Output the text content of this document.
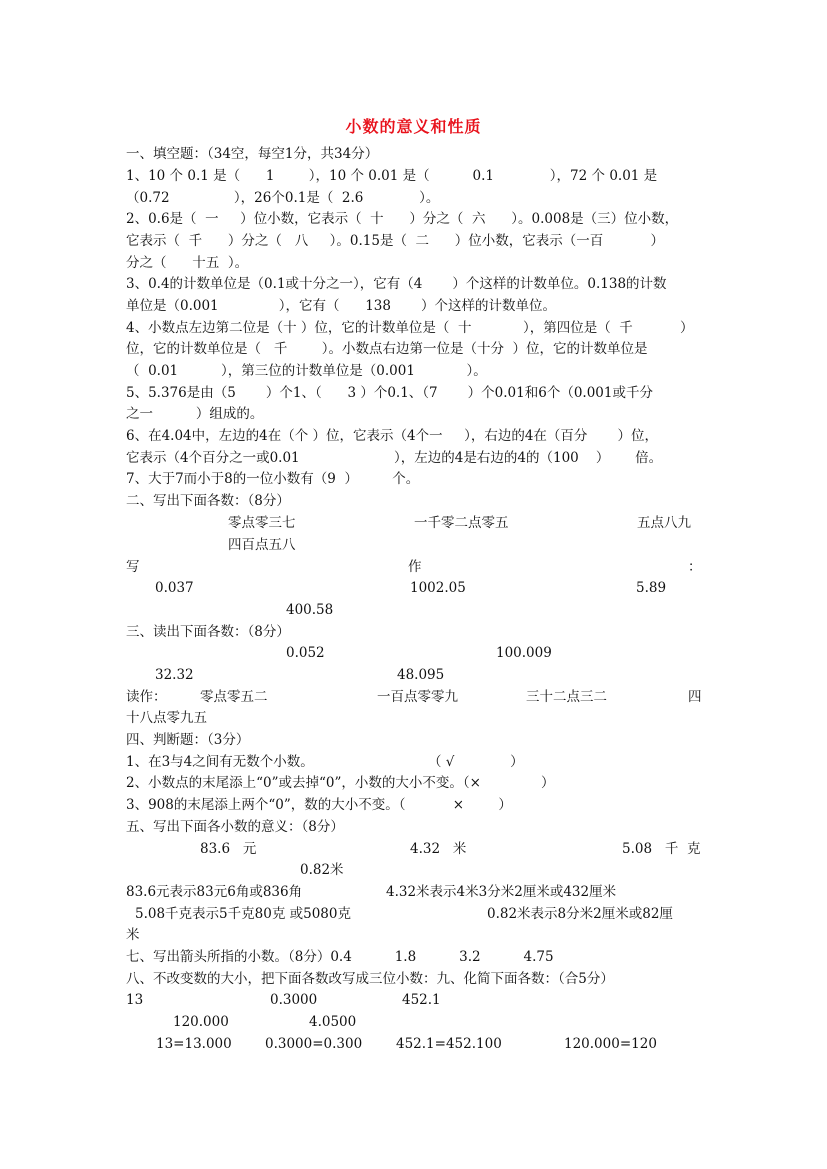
小数的意义和性质
一、填空题：（34空，每空1分，共34分）
1、10 个 0.1 是（      1        ），10 个 0.01 是（          0.1             ），72 个 0.01 是
（0.72               ），26个0.1是（  2.6             ）。
2、0.6是（  一     ）位小数，它表示（  十      ）分之（  六      ）。0.008是（三）位小数，
它表示（  千      ）分之（   八     ）。0.15是（  二      ）位小数，它表示（一百           ）
分之（      十五  ）。
3、0.4的计数单位是（0.1或十分之一），它有（4       ）个这样的计数单位。0.138的计数
单位是（0.001              ），它有（      138       ）个这样的计数单位。
4、小数点左边第二位是（十 ）位，它的计数单位是（  十            ），第四位是（  千           ）
位，它的计数单位是（   千        ）。小数点右边第一位是（十分  ）位，它的计数单位是
（  0.01          ），第三位的计数单位是（0.001            ）。
5、5.376是由（5       ）个1、（      3 ）个0.1、（7       ）个0.01和6个（0.001或千分
之一          ）组成的。
6、在4.04中，左边的4在（个 ）位，它表示（4个一     ），右边的4在（百分       ）位，
它表示（4个百分之一或0.01                      ），左边的4是右边的4的（100    ）      倍。
7、大于7而小于8的一位小数有（9  ）        个。
二、写出下面各数：（8分）
零点零三七	一千零二点零五	五点八九
四百点五八
写	作	：
0.037	1002.05	5.89
400.58
三、读出下面各数：（8分）
0.052	100.009
32.32	48.095
读作： 零点零五二	一百点零零九	三十二点三二	四
十八点零九五
四、判断题：（3分）
1、在3与4之间有无数个小数。	（ √             ）
2、小数点的末尾添上“0”或去掉“0”，小数的大小不变。（×              ）
3、908的末尾添上两个“0”，数的大小不变。（           ×        ）
五、写出下面各小数的意义：（8分）
83.6   元	4.32   米	5.08   千  克
0.82米
83.6元表示83元6角或836角	4.32米表示4米3分米2厘米或432厘米
5.08千克表示5千克80克 或5080克	0.82米表示8分米2厘米或82厘
米
七、写出箭头所指的小数。（8分）0.4          1.8          3.2          4.75
八、不改变数的大小，把下面各数改写成三位小数：九、化简下面各数：（合5分）
13	0.3000	452.1
120.000	4.0500
13=13.000 0.3000=0.300	452.1=452.100	120.000=120
